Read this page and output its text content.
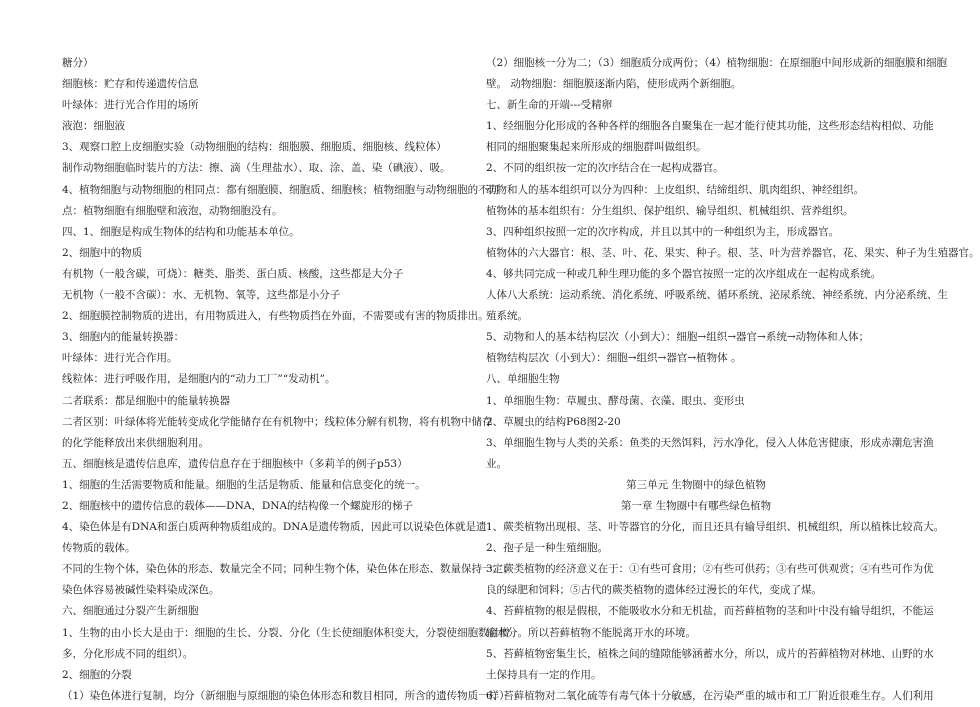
糖分）
细胞核：贮存和传递遗传信息
叶绿体：进行光合作用的场所
液泡：细胞液
3、观察口腔上皮细胞实验（动物细胞的结构：细胞膜、细胞质、细胞核、线粒体）
制作动物细胞临时装片的方法：擦、滴（生理盐水）、取、涂、盖、染（碘液）、吸。
4、植物细胞与动物细胞的相同点：都有细胞膜、细胞质、细胞核；植物细胞与动物细胞的不同
点：植物细胞有细胞壁和液泡，动物细胞没有。
四、1、细胞是构成生物体的结构和功能基本单位。
2、细胞中的物质
有机物（一般含碳，可烧）：糖类、脂类、蛋白质、核酸，这些都是大分子
无机物（一般不含碳）：水、无机物、氧等，这些都是小分子
2、细胞膜控制物质的进出，有用物质进入，有些物质挡在外面，不需要或有害的物质排出。
3、细胞内的能量转换器：
叶绿体：进行光合作用。
线粒体：进行呼吸作用，是细胞内的“动力工厂”“发动机”。
二者联系：都是细胞中的能量转换器
二者区别：叶绿体将光能转变成化学能储存在有机物中；线粒体分解有机物，将有机物中储存
的化学能释放出来供细胞利用。
五、细胞核是遗传信息库，遗传信息存在于细胞核中（多莉羊的例子p53）
1、细胞的生活需要物质和能量。细胞的生活是物质、能量和信息变化的统一。
2、细胞核中的遗传信息的载体——DNA，DNA的结构像一个螺旋形的梯子
4、染色体是有DNA和蛋白质两种物质组成的。DNA是遗传物质，因此可以说染色体就是遗
传物质的载体。
不同的生物个体，染色体的形态、数量完全不同；同种生物个体，染色体在形态、数量保持一定；
染色体容易被碱性染料染成深色。
六、细胞通过分裂产生新细胞
1、生物的由小长大是由于：细胞的生长、分裂、分化（生长使细胞体积变大，分裂使细胞数目增
多，分化形成不同的组织）。
2、细胞的分裂
（1）染色体进行复制，均分（新细胞与原细胞的染色体形态和数目相同，所含的遗传物质一样）
（2）细胞核一分为二；（3）细胞质分成两份；（4）植物细胞：在原细胞中间形成新的细胞膜和细胞
壁。 动物细胞：细胞膜逐渐内陷，使形成两个新细胞。
七、新生命的开端---受精卵
1、经细胞分化形成的各种各样的细胞各自聚集在一起才能行使其功能，这些形态结构相似、功能
相同的细胞聚集起来所形成的细胞群叫做组织。
2、不同的组织按一定的次序结合在一起构成器官。
动物和人的基本组织可以分为四种：上皮组织、结缔组织、肌肉组织、神经组织。
植物体的基本组织有：分生组织、保护组织、输导组织、机械组织、营养组织。
3、四种组织按照一定的次序构成，并且以其中的一种组织为主，形成器官。
植物体的六大器官：根、茎、叶、花、果实、种子。根、茎、叶为营养器官，花、果实、种子为生殖器官。
4、够共同完成一种或几种生理功能的多个器官按照一定的次序组成在一起构成系统。
人体八大系统：运动系统、消化系统、呼吸系统、循环系统、泌尿系统、神经系统、内分泌系统、生
殖系统。
5、动物和人的基本结构层次（小到大）：细胞→组织→器官→系统→动物体和人体；
植物结构层次（小到大）：细胞→组织→器官→植物体 。
八、单细胞生物
1、单细胞生物：草履虫、酵母菌、衣藻、眼虫、变形虫
2、草履虫的结构P68图2-20
3、单细胞生物与人类的关系：鱼类的天然饵料，污水净化，侵入人体危害健康，形成赤潮危害渔
业。
第三单元 生物圈中的绿色植物
第一章 生物圈中有哪些绿色植物
1、蕨类植物出现根、茎、叶等器官的分化，而且还具有输导组织、机械组织，所以植株比较高大。
2、孢子是一种生殖细胞。
3、蕨类植物的经济意义在于：①有些可食用；②有些可供药；③有些可供观赏；④有些可作为优
良的绿肥和饲料；⑤古代的蕨类植物的遗体经过漫长的年代，变成了煤。
4、苔藓植物的根是假根，不能吸收水分和无机盐，而苔藓植物的茎和叶中没有输导组织，不能运
输水分。所以苔藓植物不能脱离开水的环境。
5、苔藓植物密集生长，植株之间的缝隙能够涵蓄水分，所以，成片的苔藓植物对林地、山野的水
土保持具有一定的作用。
6、苔藓植物对二氧化硫等有毒气体十分敏感，在污染严重的城市和工厂附近很难生存。人们利用
